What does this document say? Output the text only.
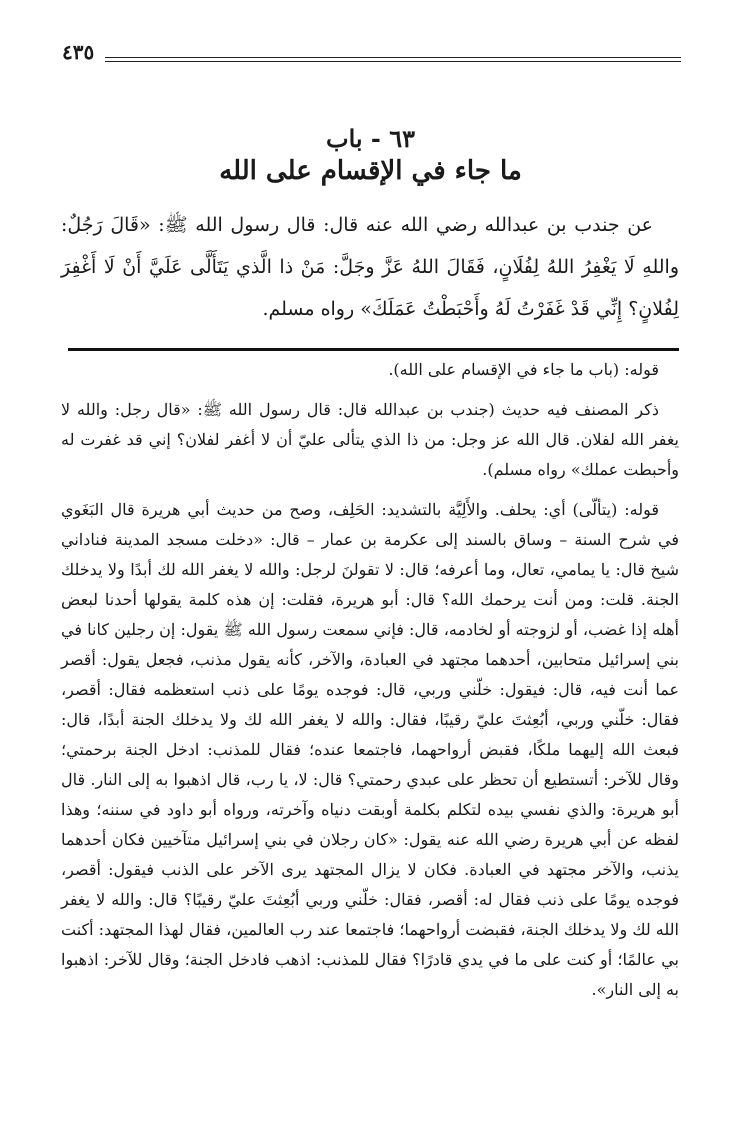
٤٣٥
٦٣ - باب
ما جاء في الإقسام على الله

عن جندب بن عبدالله رضي الله عنه قال: قال رسول الله ﷺ: «قَالَ رَجُلٌ: واللهِ لَا يَغْفِرُ اللهُ لِفُلَانٍ، فَقَالَ اللهُ عَزَّ وجَلَّ: مَنْ ذا الَّذي يَتَأَلَّى عَلَيَّ أَنْ لَا أَغْفِرَ لِفُلانٍ؟ إِنِّي قَدْ غَفَرْتُ لَهُ وأَحْبَطْتُ عَمَلَكَ» رواه مسلم.

قوله: (باب ما جاء في الإقسام على الله).

ذكر المصنف فيه حديث (جندب بن عبدالله قال: قال رسول الله ﷺ: «قال رجل: والله لا يغفر الله لفلان. قال الله عز وجل: من ذا الذي يتألى عليّ أن لا أغفر لفلان؟ إني قد غفرت له وأحبطت عملك» رواه مسلم).

قوله: (يتألّى) أي: يحلف. والأَلِيَّة بالتشديد: الحَلِف، وصح من حديث أبي هريرة قال البَغَوي في شرح السنة – وساق بالسند إلى عكرمة بن عمار – قال: «دخلت مسجد المدينة فناداني شيخ قال: يا يمامي، تعال، وما أعرفه؛ قال: لا تقولنَ لرجل: والله لا يغفر الله لك أبدًا ولا يدخلك الجنة. قلت: ومن أنت يرحمك الله؟ قال: أبو هريرة، فقلت: إن هذه كلمة يقولها أحدنا لبعض أهله إذا غضب، أو لزوجته أو لخادمه، قال: فإني سمعت رسول الله ﷺ يقول: إن رجلين كانا في بني إسرائيل متحابين، أحدهما مجتهد في العبادة، والآخر، كأنه يقول مذنب، فجعل يقول: أقصر عما أنت فيه، قال: فيقول: خلّني وربي، قال: فوجده يومًا على ذنب استعظمه فقال: أقصر، فقال: خلّني وربي، أبُعِثتَ عليّ رقيبًا، فقال: والله لا يغفر الله لك ولا يدخلك الجنة أبدًا، قال: فبعث الله إليهما ملكًا، فقبض أرواحهما، فاجتمعا عنده؛ فقال للمذنب: ادخل الجنة برحمتي؛ وقال للآخر: أتستطيع أن تحظر على عبدي رحمتي؟ قال: لا، يا رب، قال اذهبوا به إلى النار. قال أبو هريرة: والذي نفسي بيده لتكلم بكلمة أوبقت دنياه وآخرته، ورواه أبو داود في سننه؛ وهذا لفظه عن أبي هريرة رضي الله عنه يقول: «كان رجلان في بني إسرائيل متآخيين فكان أحدهما يذنب، والآخر مجتهد في العبادة. فكان لا يزال المجتهد يرى الآخر على الذنب فيقول: أقصر، فوجده يومًا على ذنب فقال له: أقصر، فقال: خلّني وربي أبُعِثتَ عليّ رقيبًا؟ قال: والله لا يغفر الله لك ولا يدخلك الجنة، فقبضت أرواحهما؛ فاجتمعا عند رب العالمين، فقال لهذا المجتهد: أكنت بي عالمًا؛ أو كنت على ما في يدي قادرًا؟ فقال للمذنب: اذهب فادخل الجنة؛ وقال للآخر: اذهبوا به إلى النار».
